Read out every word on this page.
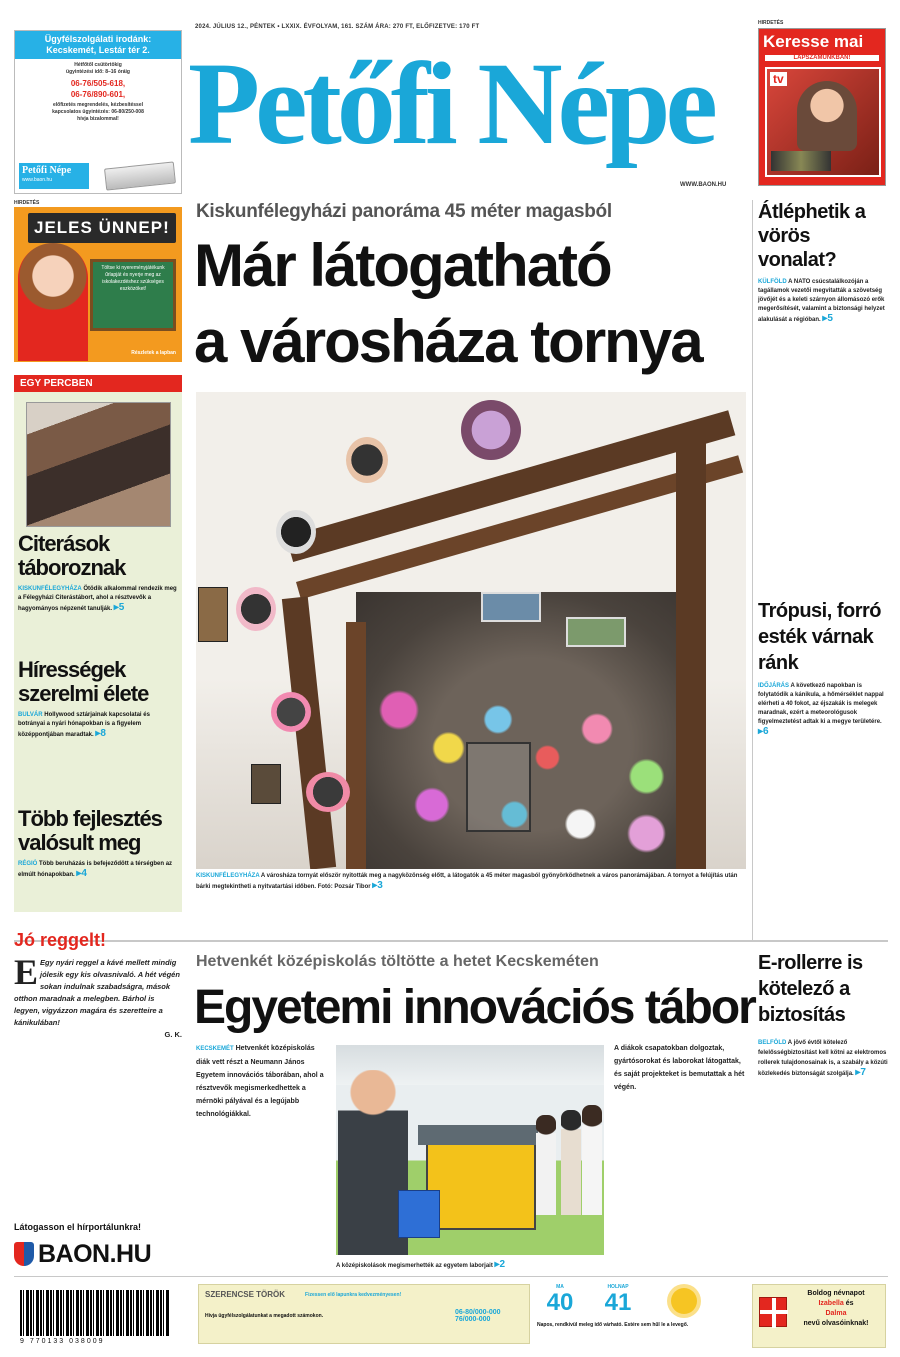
Ügyfélszolgálati irodánk: Kecskemét, Lestár tér 2.
Hétfőtől csütörtökig
ügyintézési idő: 8–16 óráig
06-76/505-618,
06-76/890-601,
előfizetés megrendelés, kézbesítéssel
kapcsolatos ügyintézés: 06-80/250-008
hívja bizalommal!
Petőfi Népe
www.baon.hu
2024. JÚLIUS 12., PÉNTEK • LXXIX. ÉVFOLYAM, 161. SZÁM ÁRA: 270 FT, ELŐFIZETVE: 170 FT
Petőfi Népe
WWW.BAON.HU
HIRDETÉS
Keresse mai
LAPSZÁMUNKBAN!
tv
HIRDETÉS
JELES ÜNNEP!
Töltse ki nyereményjátékunk űrlapját és nyerje meg az iskolakezdéshez szükséges eszközöket!
Részletek a lapban
EGY PERCBEN
Citerások táboroznak
KISKUNFÉLEGYHÁZA Ötödik alkalommal rendezik meg a Félegyházi Citerástábort, ahol a résztvevők a hagyományos népzenét tanulják. ▸5
Hírességek szerelmi élete
BULVÁR Hollywood sztárjainak kapcsolatai és botrányai a nyári hónapokban is a figyelem középpontjában maradtak. ▸8
Több fejlesztés valósult meg
RÉGIÓ Több beruházás is befejeződött a térségben az elmúlt hónapokban. ▸4
Kiskunfélegyházi panoráma 45 méter magasból
Már látogatható
a városháza tornya
KISKUNFÉLEGYHÁZA A városháza tornyát először nyitották meg a nagyközönség előtt, a látogatók a 45 méter magasból gyönyörködhetnek a város panorámájában. A tornyot a felújítás után bárki megtekintheti a nyitvatartási időben. Fotó: Pozsár Tibor ▸3
Átléphetik a vörös vonalat?
KÜLFÖLD A NATO csúcstalálkozóján a tagállamok vezetői megvitatták a szövetség jövőjét és a keleti szárnyon állomásozó erők megerősítését, valamint a biztonsági helyzet alakulását a régióban. ▸5
Trópusi, forró esték várnak ránk
IDŐJÁRÁS A következő napokban is folytatódik a kánikula, a hőmérséklet nappal elérheti a 40 fokot, az éjszakák is melegek maradnak, ezért a meteorológusok figyelmeztetést adtak ki a megye területére. ▸6
Jó reggelt!
E Egy nyári reggel a kávé mellett mindig jólesik egy kis olvasnivaló. A hét végén sokan indulnak szabadságra, mások otthon maradnak a melegben. Bárhol is legyen, vigyázzon magára és szeretteire a kánikulában!
G. K.
Látogasson el hírportálunkra!
BAON.HU
Hetvenkét középiskolás töltötte a hetet Kecskeméten
Egyetemi innovációs tábor
KECSKEMÉT Hetvenkét középiskolás diák vett részt a Neumann János Egyetem innovációs táborában, ahol a résztvevők megismerkedhettek a mérnöki pályával és a legújabb technológiákkal.
A diákok csapatokban dolgoztak, gyártósorokat és laborokat látogattak, és saját projekteket is bemutattak a hét végén.
A középiskolások megismerhették az egyetem laborjait ▸2
E-rollerre is kötelező a biztosítás
BELFÖLD A jövő évtől kötelező felelősségbiztosítást kell kötni az elektromos rollerek tulajdonosainak is, a szabály a közúti közlekedés biztonságát szolgálja. ▸7
9 770133 038009
SZERENCSE TÖRÖK	Fizessen elő lapunkra kedvezményesen!
Hívja ügyfélszolgálatunkat a megadott számokon.	06-80/000-000
76/000-000
MA
40
HOLNAP
41
Napos, rendkívül meleg idő várható. Estére sem hűl le a levegő.
Boldog névnapot
Izabella és
Dalma
nevű olvasóinknak!
